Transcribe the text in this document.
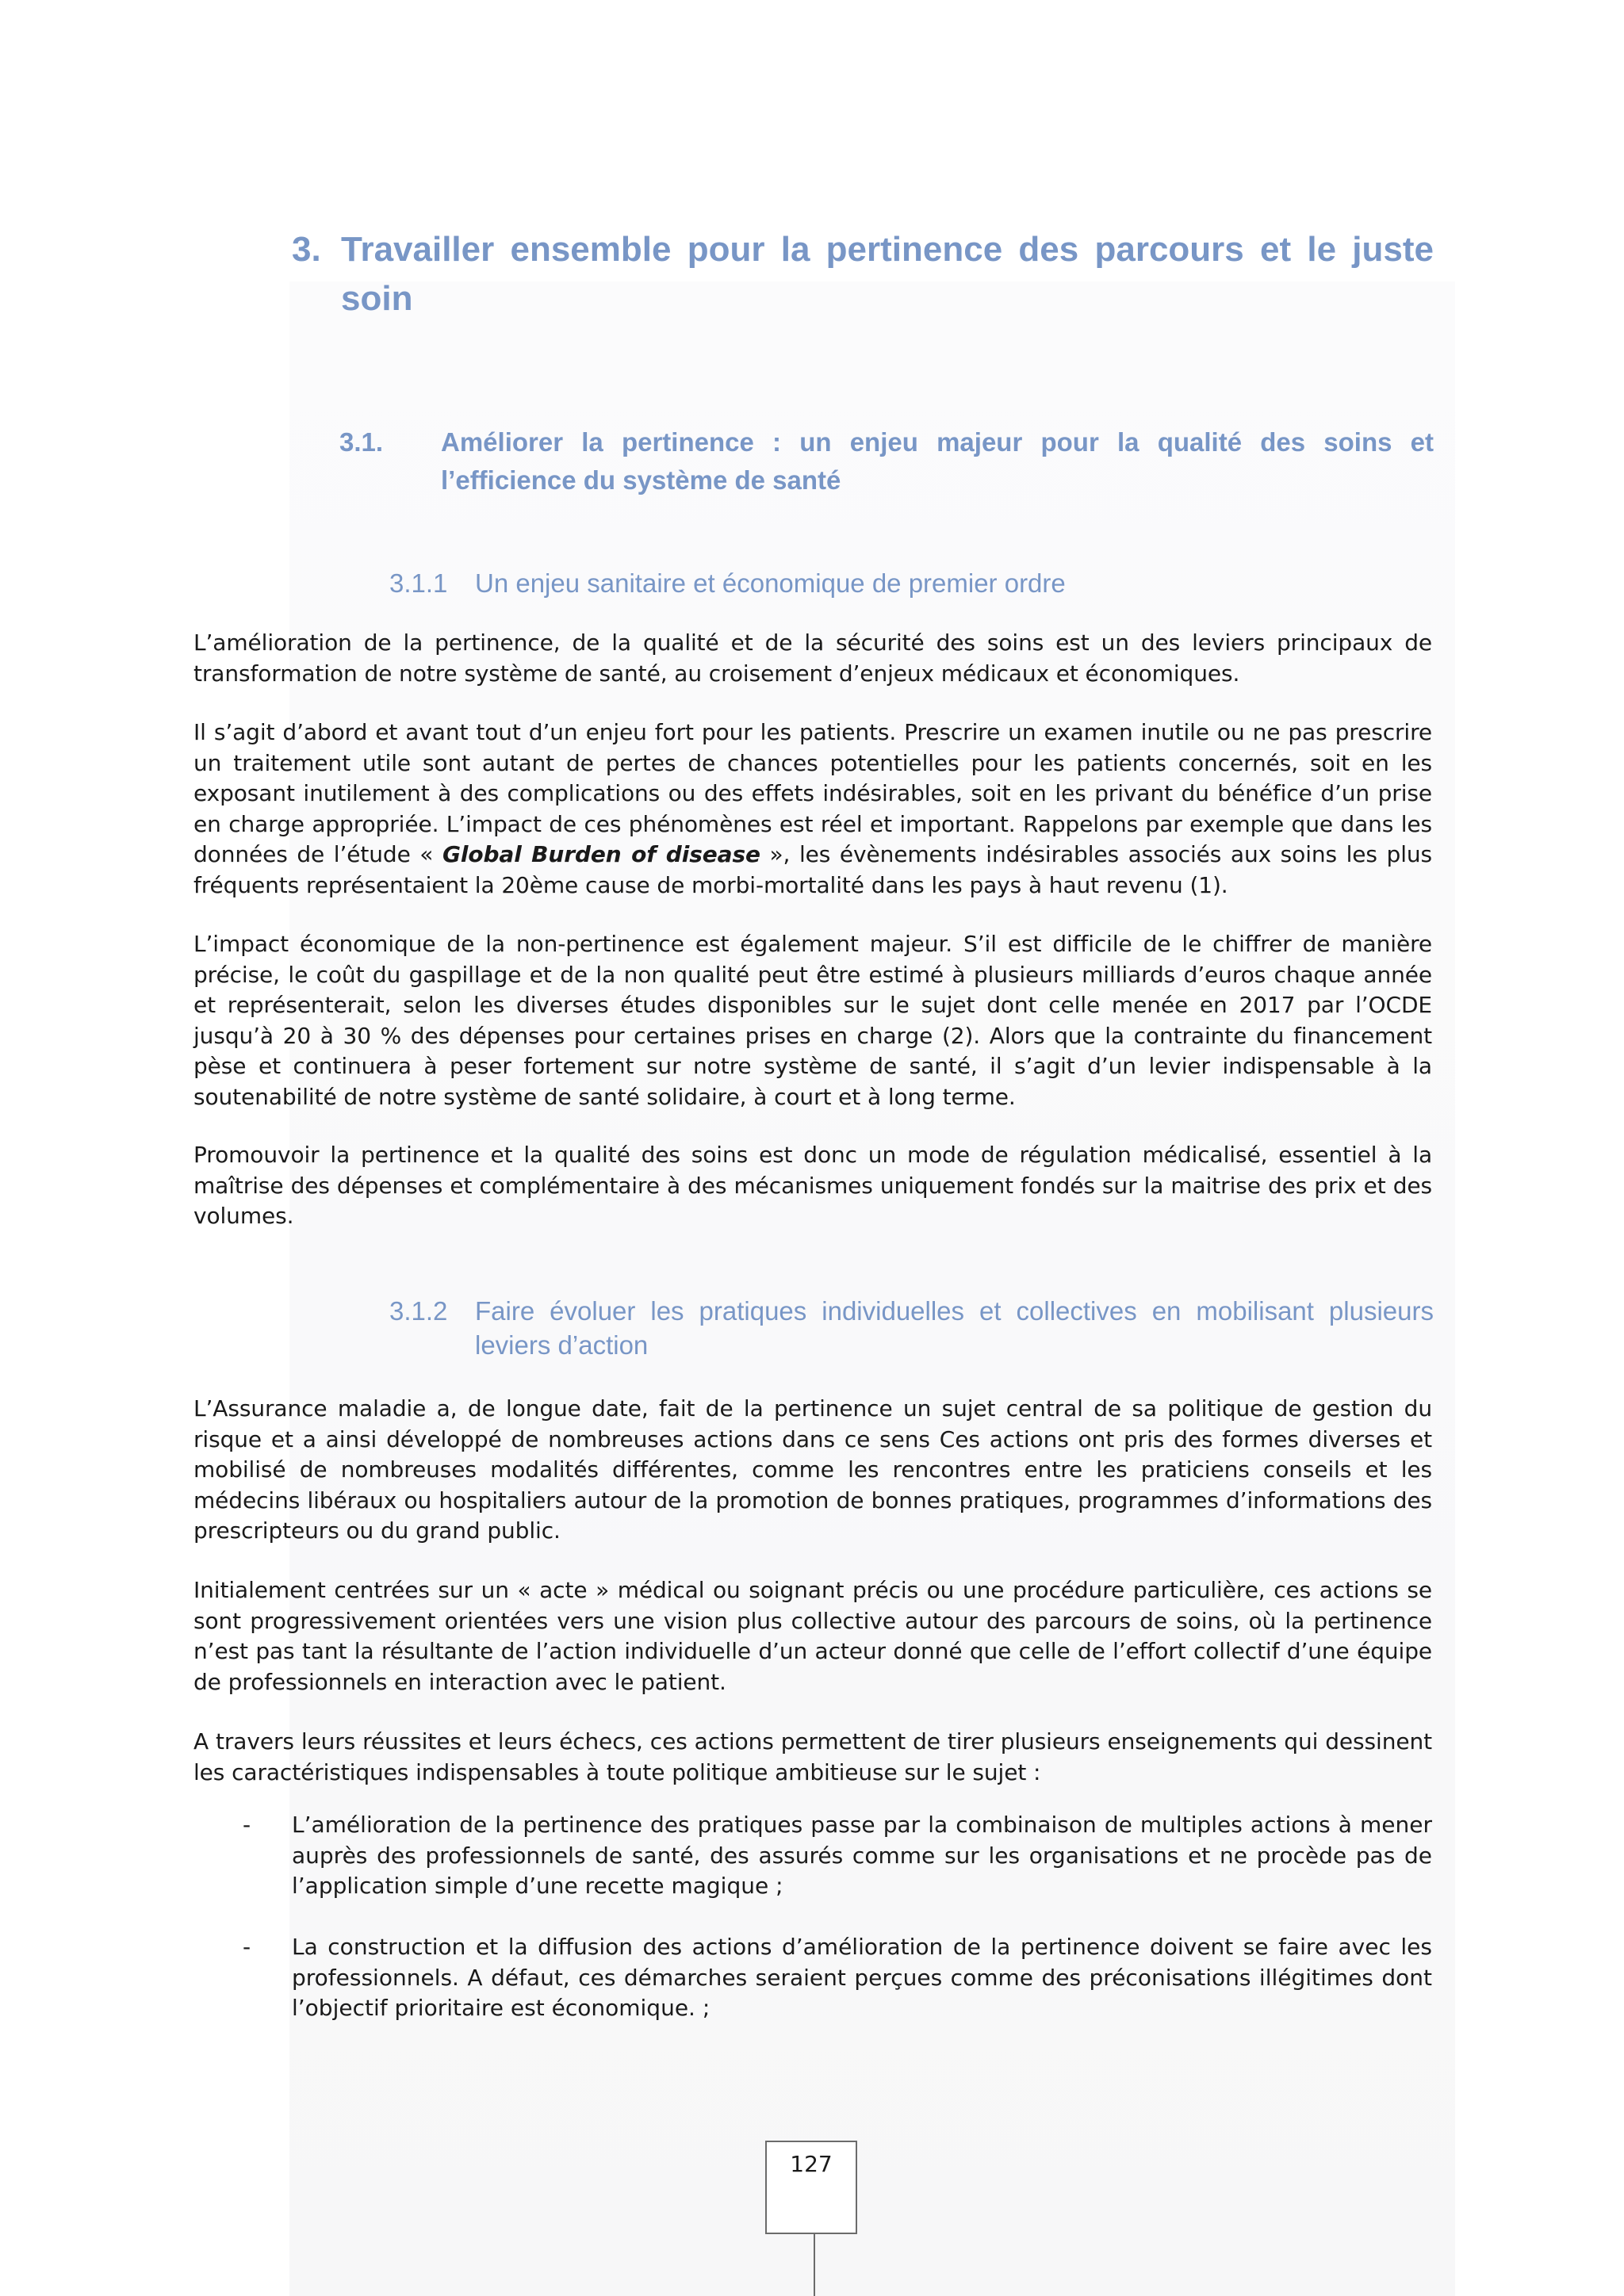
3. Travailler ensemble pour la pertinence des parcours et le juste soin
3.1. Améliorer la pertinence : un enjeu majeur pour la qualité des soins et l’efficience du système de santé
3.1.1 Un enjeu sanitaire et économique de premier ordre

L’amélioration de la pertinence, de la qualité et de la sécurité des soins est un des leviers principaux de transformation de notre système de santé, au croisement d’enjeux médicaux et économiques.

Il s’agit d’abord et avant tout d’un enjeu fort pour les patients. Prescrire un examen inutile ou ne pas prescrire un traitement utile sont autant de pertes de chances potentielles pour les patients concernés, soit en les exposant inutilement à des complications ou des effets indésirables, soit en les privant du bénéfice d’un prise en charge appropriée. L’impact de ces phénomènes est réel et important. Rappelons par exemple que dans les données de l’étude « Global Burden of disease », les évènements indésirables associés aux soins les plus fréquents représentaient la 20ème cause de morbi-mortalité dans les pays à haut revenu (1).

L’impact économique de la non-pertinence est également majeur. S’il est difficile de le chiffrer de manière précise, le coût du gaspillage et de la non qualité peut être estimé à plusieurs milliards d’euros chaque année et représenterait, selon les diverses études disponibles sur le sujet dont celle menée en 2017 par l’OCDE jusqu’à 20 à 30 % des dépenses pour certaines prises en charge (2). Alors que la contrainte du financement pèse et continuera à peser fortement sur notre système de santé, il s’agit d’un levier indispensable à la soutenabilité de notre système de santé solidaire, à court et à long terme.

Promouvoir la pertinence et la qualité des soins est donc un mode de régulation médicalisé, essentiel à la maîtrise des dépenses et complémentaire à des mécanismes uniquement fondés sur la maitrise des prix et des volumes.

3.1.2 Faire évoluer les pratiques individuelles et collectives en mobilisant plusieurs leviers d’action

L’Assurance maladie a, de longue date, fait de la pertinence un sujet central de sa politique de gestion du risque et a ainsi développé de nombreuses actions dans ce sens Ces actions ont pris des formes diverses et mobilisé de nombreuses modalités différentes, comme les rencontres entre les praticiens conseils et les médecins libéraux ou hospitaliers autour de la promotion de bonnes pratiques, programmes d’informations des prescripteurs ou du grand public.

Initialement centrées sur un « acte » médical ou soignant précis ou une procédure particulière, ces actions se sont progressivement orientées vers une vision plus collective autour des parcours de soins, où la pertinence n’est pas tant la résultante de l’action individuelle d’un acteur donné que celle de l’effort collectif d’une équipe de professionnels en interaction avec le patient.

A travers leurs réussites et leurs échecs, ces actions permettent de tirer plusieurs enseignements qui dessinent les caractéristiques indispensables à toute politique ambitieuse sur le sujet :

- L’amélioration de la pertinence des pratiques passe par la combinaison de multiples actions à mener auprès des professionnels de santé, des assurés comme sur les organisations et ne procède pas de l’application simple d’une recette magique ;
- La construction et la diffusion des actions d’amélioration de la pertinence doivent se faire avec les professionnels. A défaut, ces démarches seraient perçues comme des préconisations illégitimes dont l’objectif prioritaire est économique. ;
127
